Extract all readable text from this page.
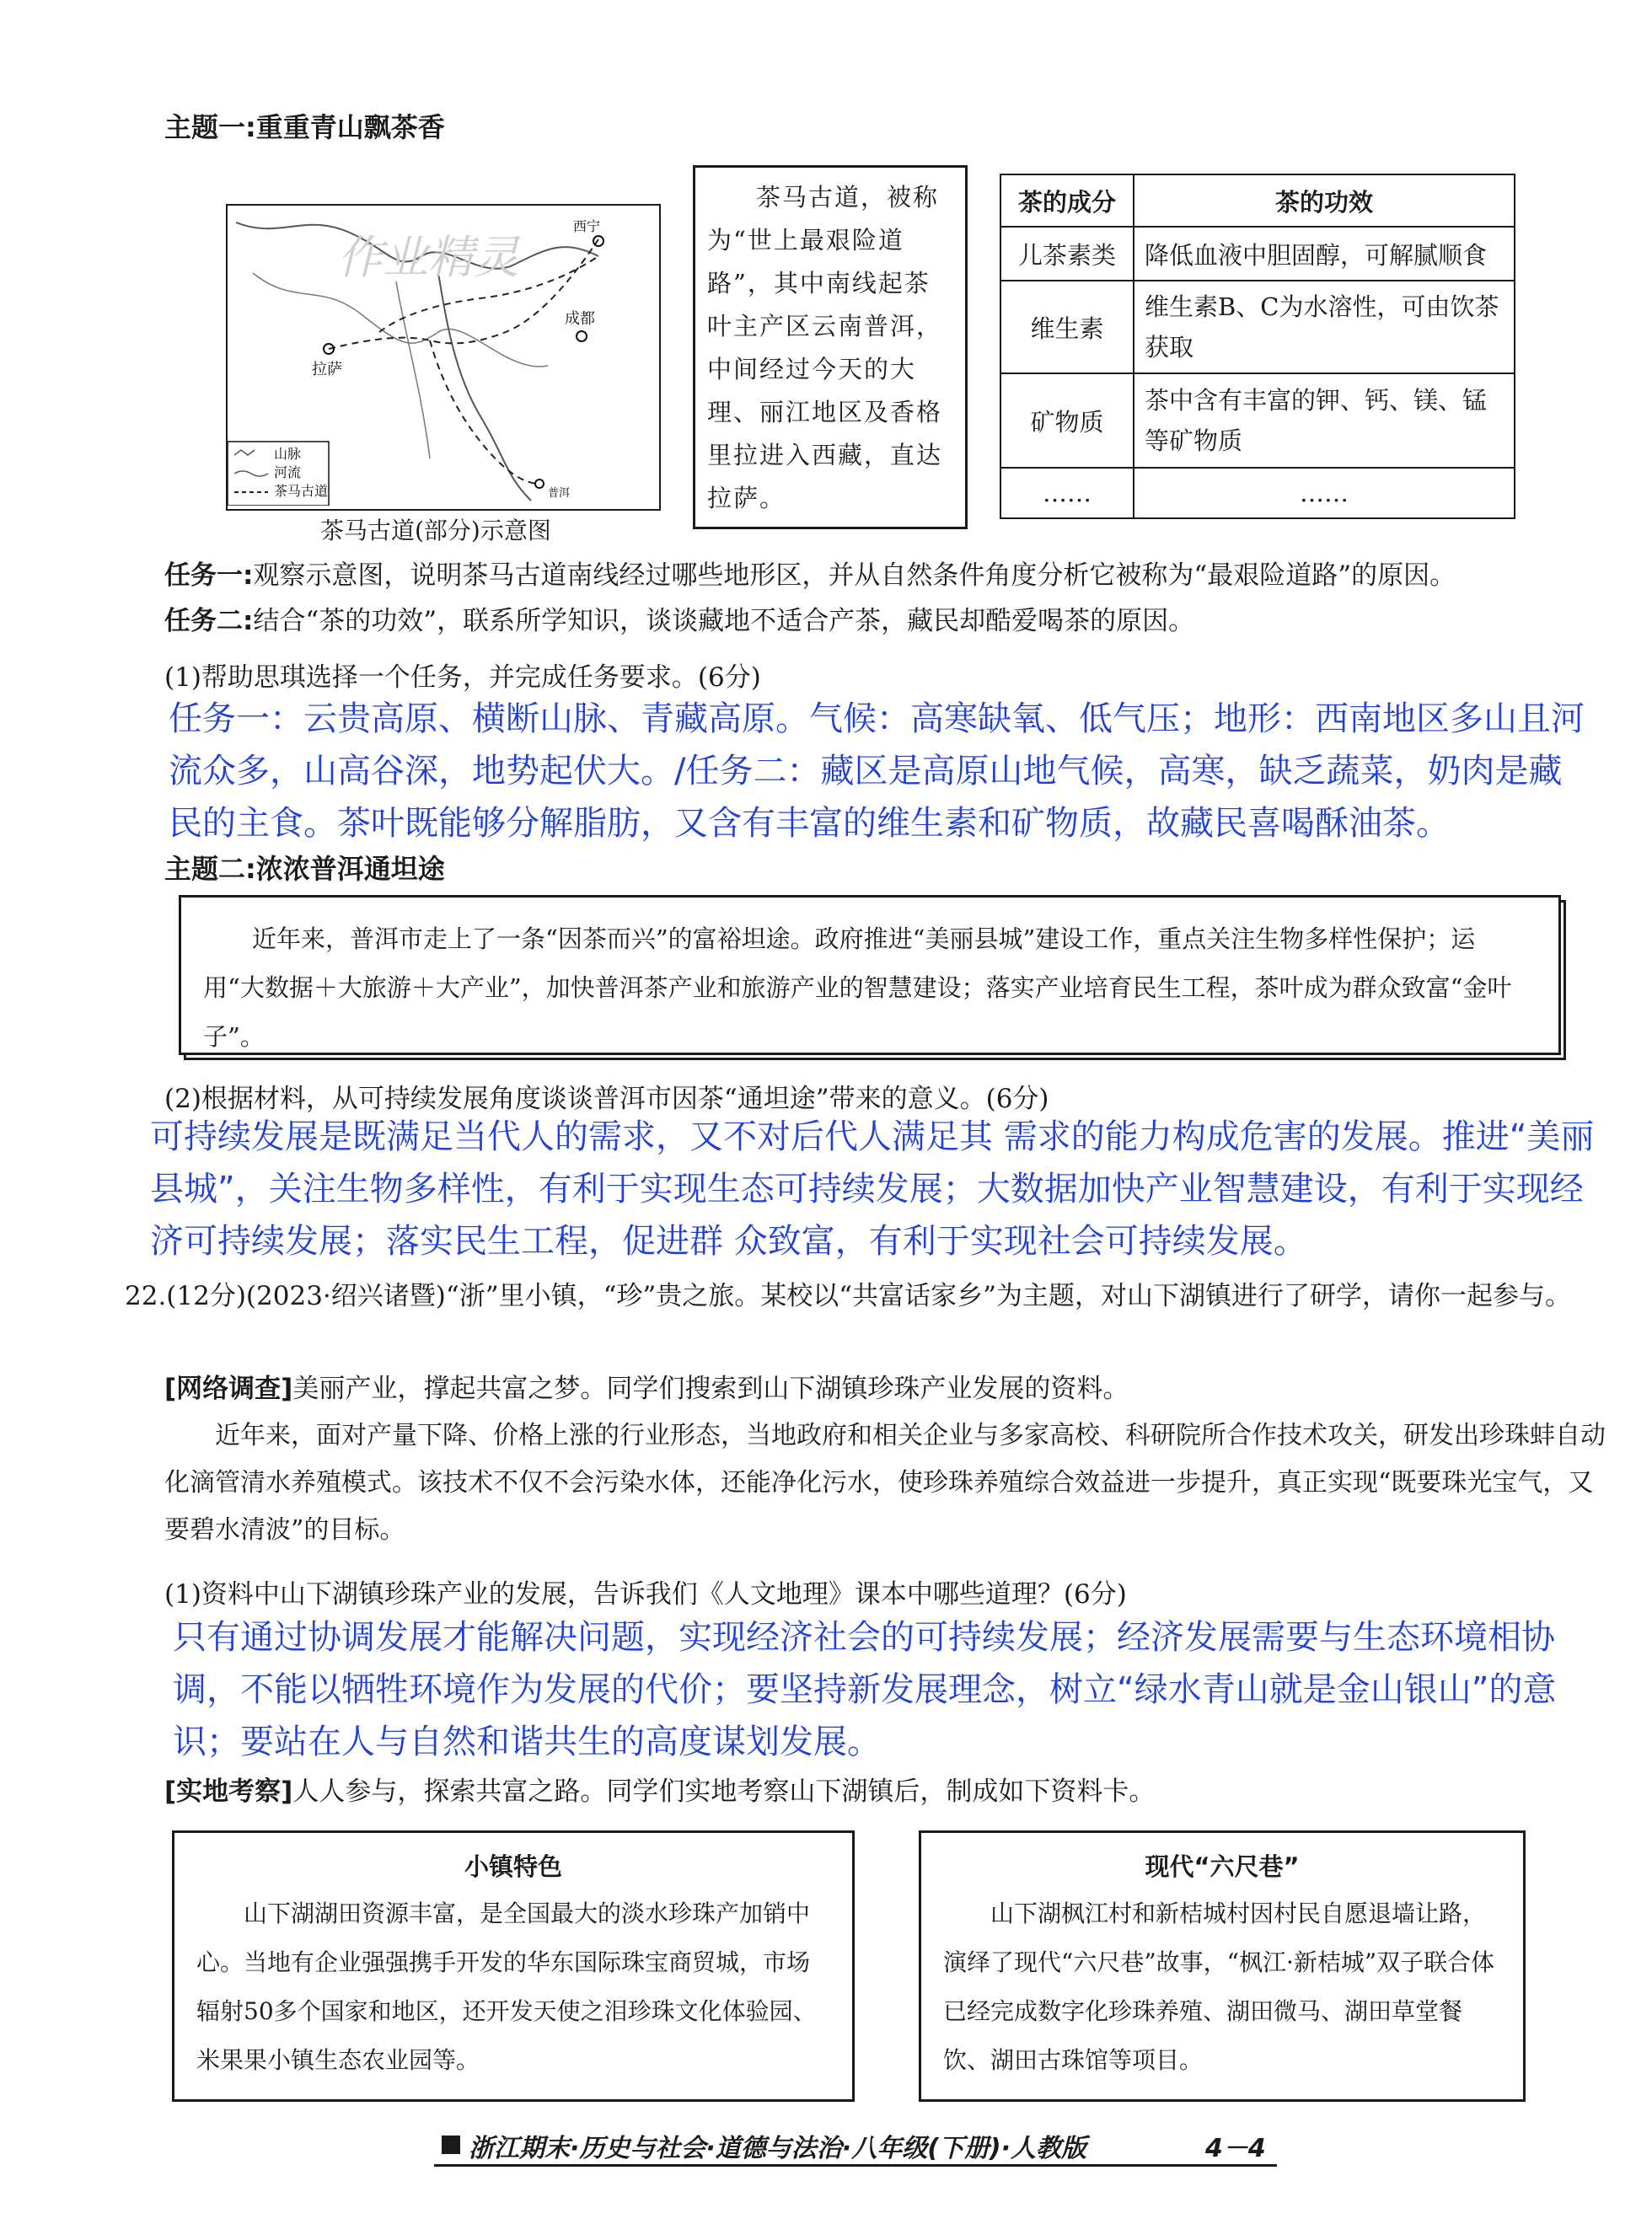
主题一:重重青山飘茶香
拉萨
成都
西宁
普洱
作业精灵
山脉
河流
茶马古道
茶马古道(部分)示意图
茶马古道，被称为“世上最艰险道路”，其中南线起茶叶主产区云南普洱，中间经过今天的大理、丽江地区及香格里拉进入西藏，直达拉萨。
茶的成分	茶的功效
儿茶素类	降低血液中胆固醇，可解腻顺食
维生素	维生素B、C为水溶性，可由饮茶获取
矿物质	茶中含有丰富的钾、钙、镁、锰等矿物质
……	……
任务一:观察示意图，说明茶马古道南线经过哪些地形区，并从自然条件角度分析它被称为“最艰险道路”的原因。
任务二:结合“茶的功效”，联系所学知识，谈谈藏地不适合产茶，藏民却酷爱喝茶的原因。
(1)帮助思琪选择一个任务，并完成任务要求。(6分)
任务一：云贵高原、横断山脉、青藏高原。气候：高寒缺氧、低气压；地形：西南地区多山且河流众多，山高谷深，地势起伏大。/任务二：藏区是高原山地气候，高寒，缺乏蔬菜，奶肉是藏民的主食。茶叶既能够分解脂肪，又含有丰富的维生素和矿物质，故藏民喜喝酥油茶。
主题二:浓浓普洱通坦途
近年来，普洱市走上了一条“因茶而兴”的富裕坦途。政府推进“美丽县城”建设工作，重点关注生物多样性保护；运用“大数据＋大旅游＋大产业”，加快普洱茶产业和旅游产业的智慧建设；落实产业培育民生工程，茶叶成为群众致富“金叶子”。
(2)根据材料，从可持续发展角度谈谈普洱市因茶“通坦途”带来的意义。(6分)
可持续发展是既满足当代人的需求，又不对后代人满足其 需求的能力构成危害的发展。推进“美丽县城”，关注生物多样性，有利于实现生态可持续发展；大数据加快产业智慧建设，有利于实现经济可持续发展；落实民生工程，促进群 众致富，有利于实现社会可持续发展。
22.(12分)(2023·绍兴诸暨)“浙”里小镇，“珍”贵之旅。某校以“共富话家乡”为主题，对山下湖镇进行了研学，请你一起参与。
[网络调查]美丽产业，撑起共富之梦。同学们搜索到山下湖镇珍珠产业发展的资料。
近年来，面对产量下降、价格上涨的行业形态，当地政府和相关企业与多家高校、科研院所合作技术攻关，研发出珍珠蚌自动化滴管清水养殖模式。该技术不仅不会污染水体，还能净化污水，使珍珠养殖综合效益进一步提升，真正实现“既要珠光宝气，又要碧水清波”的目标。
(1)资料中山下湖镇珍珠产业的发展，告诉我们《人文地理》课本中哪些道理？(6分)
只有通过协调发展才能解决问题，实现经济社会的可持续发展；经济发展需要与生态环境相协调，不能以牺牲环境作为发展的代价；要坚持新发展理念，树立“绿水青山就是金山银山”的意识；要站在人与自然和谐共生的高度谋划发展。
[实地考察]人人参与，探索共富之路。同学们实地考察山下湖镇后，制成如下资料卡。
小镇特色
山下湖湖田资源丰富，是全国最大的淡水珍珠产加销中心。当地有企业强强携手开发的华东国际珠宝商贸城，市场辐射50多个国家和地区，还开发天使之泪珍珠文化体验园、米果果小镇生态农业园等。
现代“六尺巷”
山下湖枫江村和新桔城村因村民自愿退墙让路，演绎了现代“六尺巷”故事，“枫江·新桔城”双子联合体已经完成数字化珍珠养殖、湖田微马、湖田草堂餐饮、湖田古珠馆等项目。
浙江期末·历史与社会·道德与法治·八年级(下册)·人教版	4－4
